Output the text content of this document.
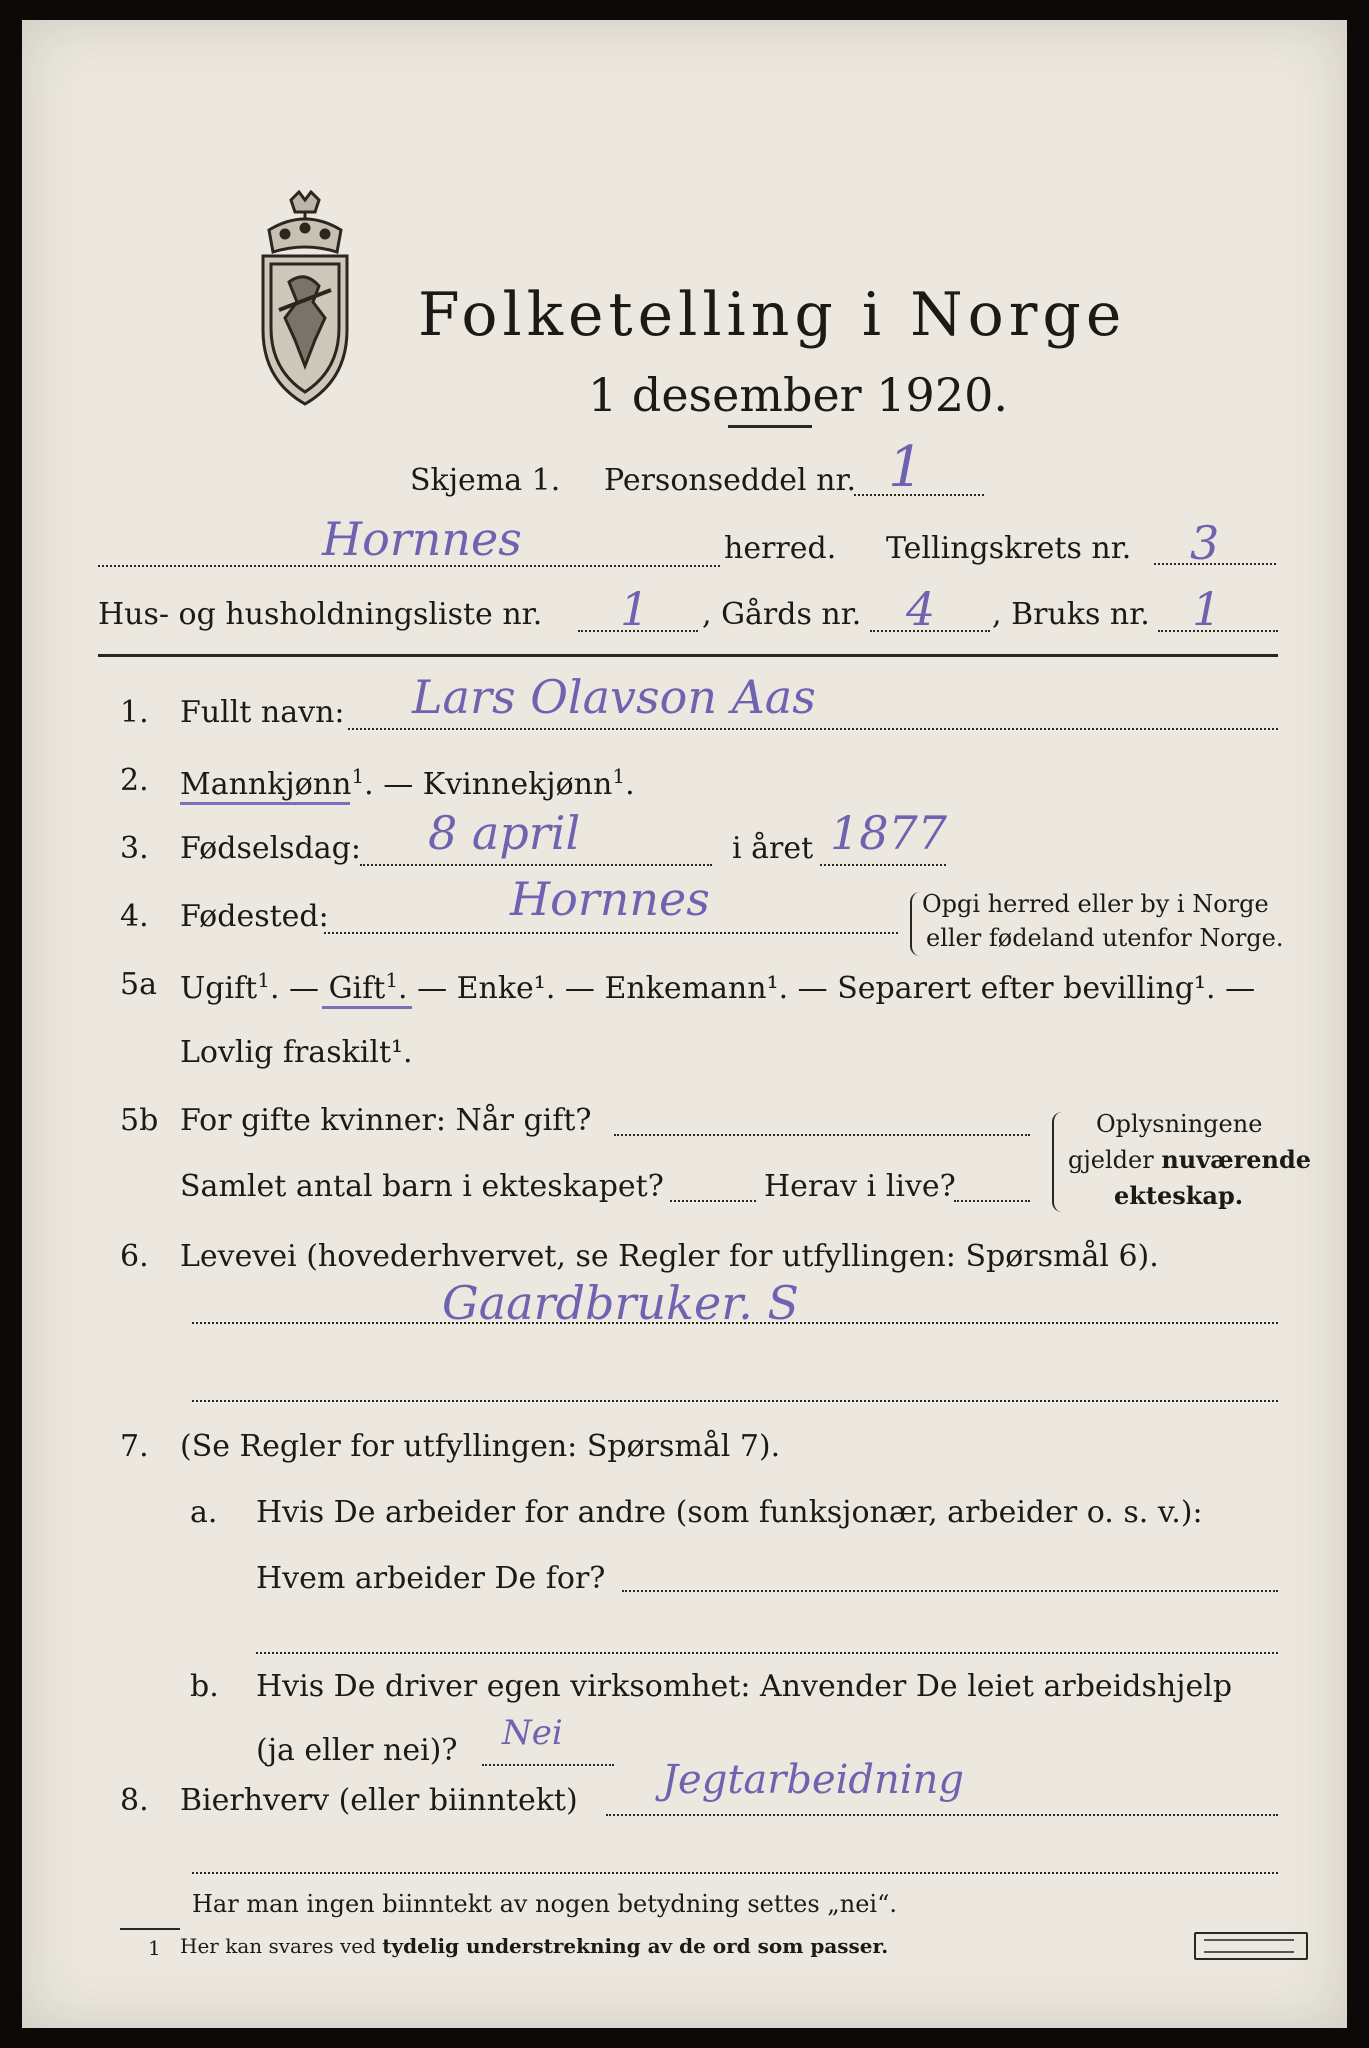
Folketelling i Norge
1 desember 1920.
Skjema 1. Personseddel nr. 1
Hornnes	herred. Tellingskrets nr. 3
Hus- og husholdningsliste nr. 1 , Gårds nr. 4 , Bruks nr. 1
1. Fullt navn: Lars Olavson Aas
2. Mannkjønn$^1$. — Kvinnekjønn$^1$.
3. Fødselsdag: 8 april	i året 1877
4. Fødested:	Hornnes	Opgi herred eller by i Norge
eller fødeland utenfor Norge.
5a Ugift$^1$. — Gift$^1$. — Enke¹. — Enkemann¹. — Separert efter bevilling¹. —
Lovlig fraskilt¹.
5b For gifte kvinner: Når gift?
Samlet antal barn i ekteskapet?	Herav i live?
Oplysningene
gjelder nuværende
ekteskap.
6. Levevei (hovederhvervet, se Regler for utfyllingen: Spørsmål 6).
Gaardbruker. S
7. (Se Regler for utfyllingen: Spørsmål 7).
a. Hvis De arbeider for andre (som funksjonær, arbeider o. s. v.):
Hvem arbeider De for?
b. Hvis De driver egen virksomhet: Anvender De leiet arbeidshjelp
(ja eller nei)? Nei
8. Bierhverv (eller biinntekt) Jegtarbeidning
Har man ingen biinntekt av nogen betydning settes „nei“.
1 Her kan svares ved tydelig understrekning av de ord som passer.
